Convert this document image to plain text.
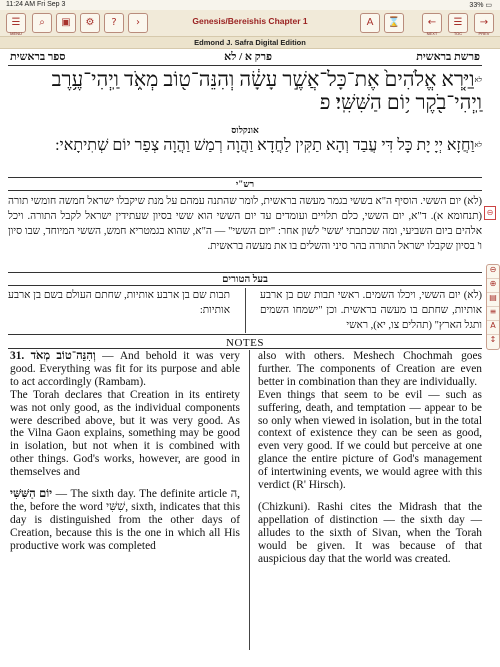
11:24 AM Fri Sep 3	33% ▭
☰
MENU
⌕	▣	⚙	?	›	Genesis/Bereishis Chapter 1	A	⌛	←
NEXT
☰
TOC
→
PREV
Edmond J. Safra Digital Edition
פרשת בראשית
פרק א / לא
ספר בראשית
$^{לא}$וַיַּ֤רְא אֱלֹהִים֙ אֶת־כָּל־אֲשֶׁ֣ר עָשָׂ֔ה וְהִנֵּה־ט֖וֹב מְאֹ֑ד וַֽיְהִי־עֶ֥רֶב
וַֽיְהִי־בֹ֖קֶר י֥וֹם הַשִּׁשִּֽׁי׃ פ
אונקלוס
$^{לא}$וַחֲזָא יְיָ יָת כָּל דִּי עֲבַד וְהָא תַקִּין לַחֲדָא וַהֲוָה רְמַשׁ וַהֲוָה צְפַר יוֹם שְׁתִיתָאי:
רש"י
(לא) יום הששי. הוסיף ה"א בששי בגמר מעשה בראשית, לומר שהתנה עמהם על מנת שיקבלו ישראל חמשה חומשי תורה (תנחומא א). ד"א, יום הששי, כלם תלויים ועומדים עד יום הששי הוא ששי בסיון שעתידין ישראל לקבל התורה. ויכל אלהים ביום השביעי, ומה שכתבתי 'ששי' לשון אחר: "יום הששי" — ה"א, שהוא בגמטריא חמש, הששי המיוחד, שבו סיון ו' בסיון שקבלו ישראל התורה בהר סיני והשלים בו את מעשה בראשית.
בעל הטורים
(לא) יום הששי, ויכלו השמים. ראשי תבות שם בן ארבע אותיות, שחתם בו מעשה בראשית. וכן "ישמחו השמים ותגל הארץ" (תהלים צו, יא), ראשי
תבות שם בן ארבע אותיות, שחתם העולם בשם בן ארבע אותיות:
NOTES

31. וְהִנֵּה־טוֹב מְאֹד — And behold it was very good. Everything was fit for its purpose and able to act accordingly (Rambam).

The Torah declares that Creation in its entirety was not only good, as the individual components were described above, but it was very good. As the Vilna Gaon explains, something may be good in isolation, but not when it is combined with other things. God's works, however, are good in themselves and

יוֹם הַשִּׁשִּׁי — The sixth day. The definite article ה, the, before the word שִׁשִּׁי, sixth, indicates that this day is distinguished from the other days of Creation, because this is the one in which all His productive work was completed

also with others. Meshech Chochmah goes further. The components of Creation are even better in combination than they are individually.

Even things that seem to be evil — such as suffering, death, and temptation — appear to be so only when viewed in isolation, but in the total context of existence they can be seen as good, even very good. If we could but perceive at one glance the entire picture of God's management of intertwining events, we would agree with this verdict (R' Hirsch).

(Chizkuni). Rashi cites the Midrash that the appellation of distinction — the sixth day — alludes to the sixth of Sivan, when the Torah would be given. It was because of that auspicious day that the world was created.

⊖
⊖
⊕
▤
≡
A
↕
